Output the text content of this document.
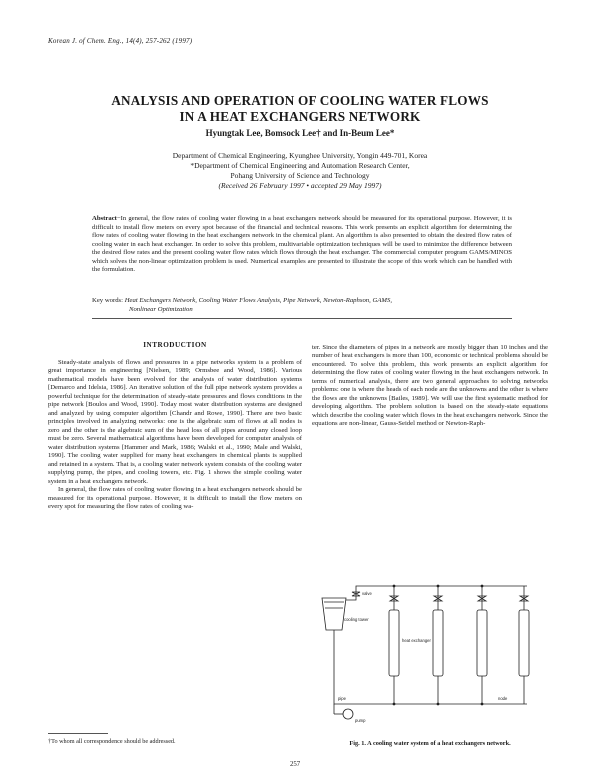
Korean J. of Chem. Eng., 14(4), 257-262 (1997)
ANALYSIS AND OPERATION OF COOLING WATER FLOWS
IN A HEAT EXCHANGERS NETWORK
Hyungtak Lee, Bomsock Lee† and In-Beum Lee*
Department of Chemical Engineering, Kyunghee University, Yongin 449-701, Korea
*Department of Chemical Engineering and Automation Research Center,
Pohang University of Science and Technology
(Received 26 February 1997 • accepted 29 May 1997)
Abstract−In general, the flow rates of cooling water flowing in a heat exchangers network should be measured for its operational purpose. However, it is difficult to install flow meters on every spot because of the financial and technical reasons. This work presents an explicit algorithm for determining the flow rates of cooling water flowing in the heat exchangers network in the chemical plant. An algorithm is also presented to obtain the desired flow rates of cooling water in each heat exchanger. In order to solve this problem, multivariable optimization techniques will be used to minimize the difference between the desired flow rates and the present cooling water flow rates which flows through the heat exchanger. The commercial computer program GAMS/MINOS which solves the non-linear optimization problem is used. Numerical examples are presented to illustrate the scope of this work which can be handled with the formulation.
Key words: Heat Exchangers Network, Cooling Water Flows Analysis, Pipe Network, Newton-Raphson, GAMS,
Nonlinear Optimization
INTRODUCTION

Steady-state analysis of flows and pressures in a pipe networks system is a problem of great importance in engineering [Nielsen, 1989; Ormsbee and Wood, 1986]. Various mathematical models have been evolved for the analysis of water distribution systems [Demarco and Idelsia, 1986]. An iterative solution of the full pipe network system provides a powerful technique for the determination of steady-state pressures and flows conditions in the pipe network [Boulos and Wood, 1990]. Today most water distribution systems are designed and analyzed by using computer algorithm [Chandr and Rowe, 1990]. There are two basic principles involved in analyzing networks: one is the algebraic sum of flows at all nodes is zero and the other is the algebraic sum of the head loss of all pipes around any closed loop must be zero. Several mathematical algorithms have been developed for computer analysis of water distribution systems [Hammer and Mark, 1986; Walski et al., 1990; Male and Walski, 1990]. The cooling water supplied for many heat exchangers in chemical plants is supplied and retained in a system. That is, a cooling water network system consists of the cooling water supplying pump, the pipes, and cooling towers, etc. Fig. 1 shows the simple cooling water system in a heat exchangers network.

In general, the flow rates of cooling water flowing in a heat exchangers network should be measured for its operational purpose. However, it is difficult to install the flow meters on every spot for measuring the flow rates of cooling wa-

ter. Since the diameters of pipes in a network are mostly bigger than 10 inches and the number of heat exchangers is more than 100, economic or technical problems should be encountered. To solve this problem, this work presents an explicit algorithm for determining the flow rates of cooling water flowing in the heat exchangers network. In terms of numerical analysis, there are two general approaches to solving networks problems: one is where the heads of each node are the unknowns and the other is where the flows are the unknowns [Bailes, 1989]. We will use the first systematic method for developing algorithm. The problem solution is based on the steady-state equations which describe the cooling water which flows in the heat exchangers network. Since the equations are non-linear, Gauss-Seidel method or Newton-Raph-

cooling tower
valve
heat exchanger
node
pipe
pump
Fig. 1. A cooling water system of a heat exchangers network.
†To whom all correspondence should be addressed.
257
